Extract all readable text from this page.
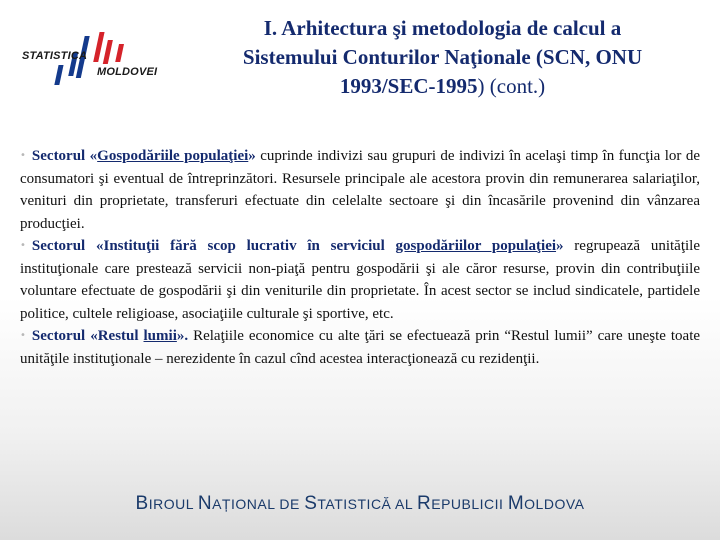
STATISTICA
MOLDOVEI
I. Arhitectura şi metodologia de calcul a
Sistemului Conturilor Naţionale (SCN, ONU
1993/SEC-1995) (cont.)

• Sectorul «Gospodăriile populaţiei» cuprinde indivizi sau grupuri de indivizi în acelaşi timp în funcţia lor de consumatori şi eventual de întreprinzători. Resursele principale ale acestora provin din remunerarea salariaţilor, venituri din proprietate, transferuri efectuate din celelalte sectoare şi din încasările provenind din vânzarea producţiei.

• Sectorul «Instituţii fără scop lucrativ în serviciul gospodăriilor populaţiei» regrupează unităţile instituţionale care prestează servicii non-piaţă pentru gospodării şi ale căror resurse, provin din contribuţiile voluntare efectuate de gospodării şi din veniturile din proprietate. În acest sector se includ sindicatele, partidele politice, cultele religioase, asociaţiile culturale şi sportive, etc.

• Sectorul «Restul lumii». Relaţiile economice cu alte ţări se efectuează prin “Restul lumii” care uneşte toate unităţile instituţionale – nerezidente în cazul cînd acestea interacţionează cu rezidenţii.

BIROUL NAȚIONAL DE STATISTICĂ AL REPUBLICII MOLDOVA
